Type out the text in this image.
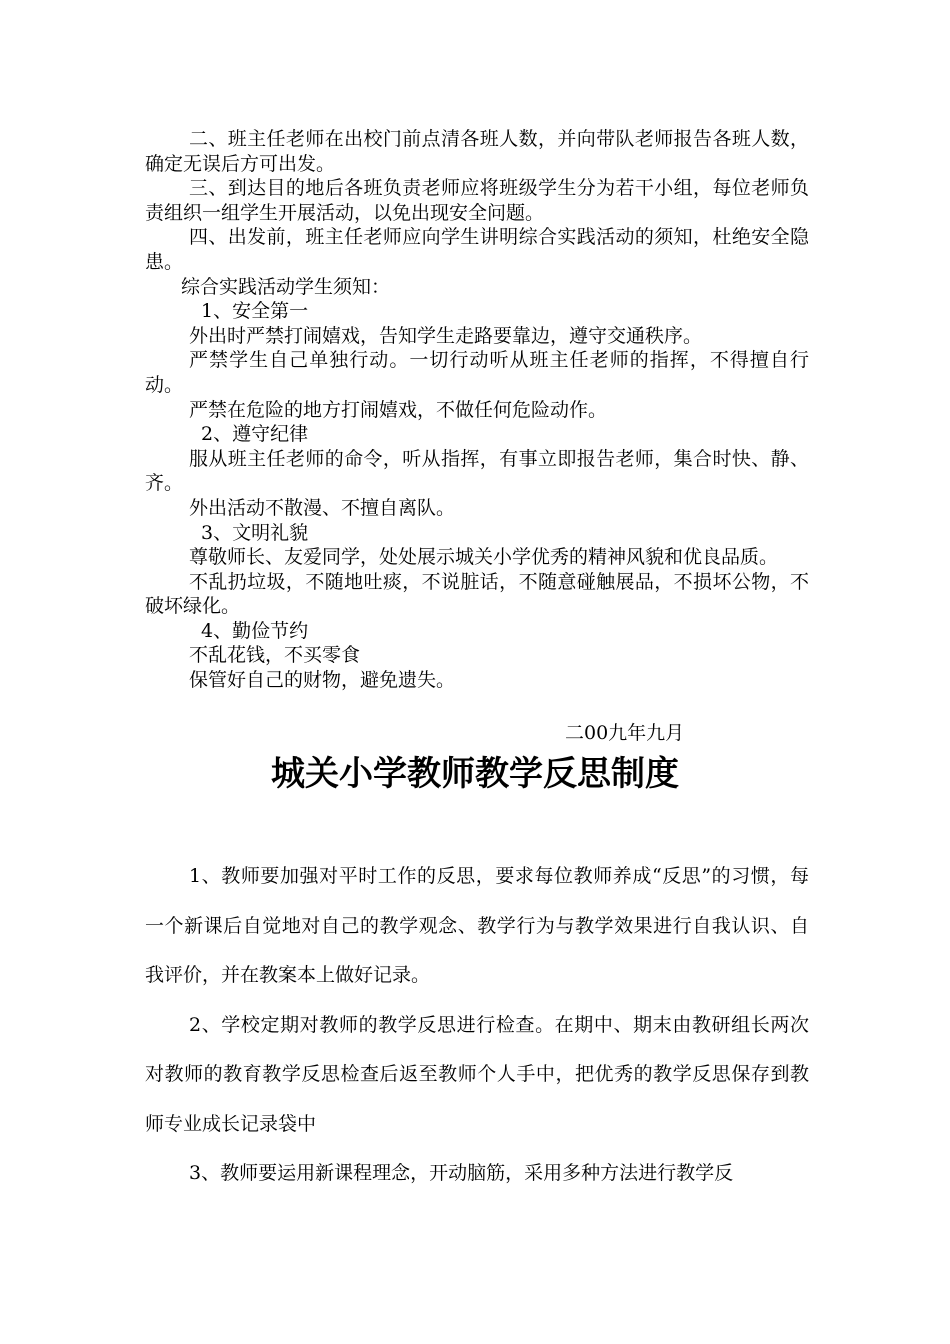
二、班主任老师在出校门前点清各班人数，并向带队老师报告各班人数，确定无误后方可出发。

三、到达目的地后各班负责老师应将班级学生分为若干小组，每位老师负责组织一组学生开展活动，以免出现安全问题。

四、出发前，班主任老师应向学生讲明综合实践活动的须知，杜绝安全隐患。

综合实践活动学生须知：

1、安全第一

外出时严禁打闹嬉戏，告知学生走路要靠边，遵守交通秩序。

严禁学生自己单独行动。一切行动听从班主任老师的指挥，不得擅自行动。

严禁在危险的地方打闹嬉戏，不做任何危险动作。

2、遵守纪律

服从班主任老师的命令，听从指挥，有事立即报告老师，集合时快、静、齐。

外出活动不散漫、不擅自离队。

3、文明礼貌

尊敬师长、友爱同学，处处展示城关小学优秀的精神风貌和优良品质。

不乱扔垃圾，不随地吐痰，不说脏话，不随意碰触展品，不损坏公物，不破坏绿化。

4、勤俭节约

不乱花钱，不买零食

保管好自己的财物，避免遗失。

二00九年九月
城关小学教师教学反思制度

1、教师要加强对平时工作的反思，要求每位教师养成“反思”的习惯，每一个新课后自觉地对自己的教学观念、教学行为与教学效果进行自我认识、自我评价，并在教案本上做好记录。

2、学校定期对教师的教学反思进行检查。在期中、期末由教研组长两次对教师的教育教学反思检查后返至教师个人手中，把优秀的教学反思保存到教师专业成长记录袋中

3、教师要运用新课程理念，开动脑筋，采用多种方法进行教学反
